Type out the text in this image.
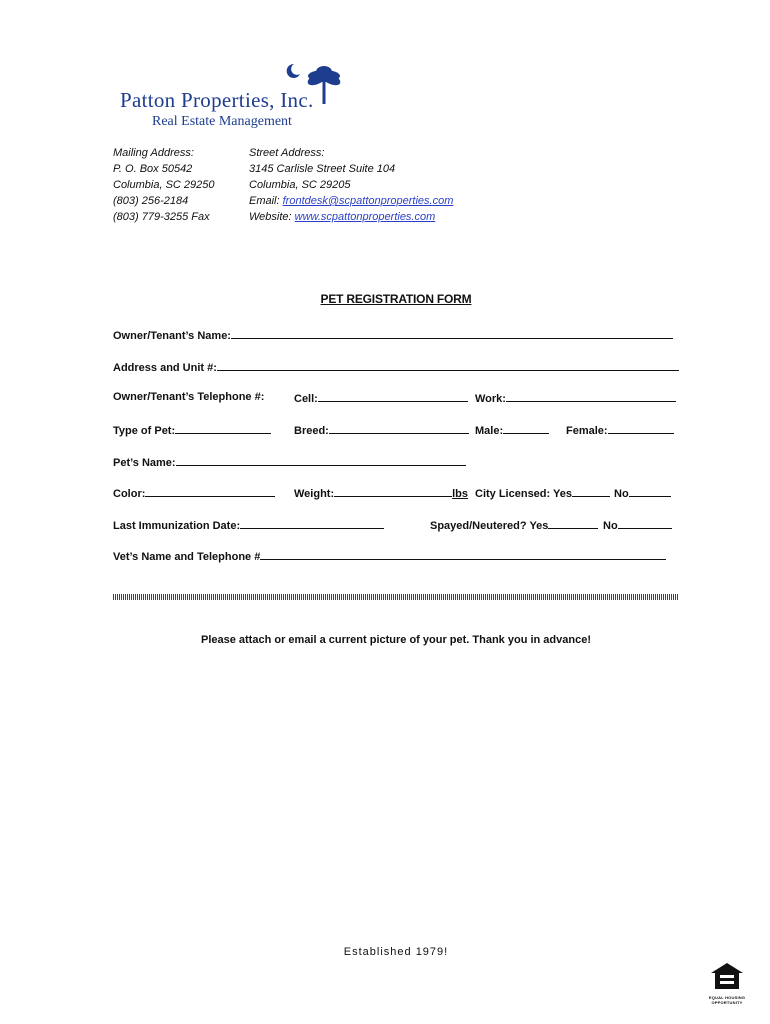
Patton Properties, Inc.
Real Estate Management
Mailing Address:
P. O. Box 50542
Columbia, SC 29250
(803) 256-2184
(803) 779-3255 Fax
Street Address:
3145 Carlisle Street Suite 104
Columbia, SC 29205
Email: frontdesk@scpattonproperties.com
Website: www.scpattonproperties.com
PET REGISTRATION FORM
Owner/Tenant’s Name:
Address and Unit #:
Owner/Tenant’s Telephone #:	Cell:	Work:
Type of Pet:	Breed:	Male:	Female:
Pet’s Name:
Color:	Weight:	lbs City Licensed: Yes	No
Last Immunization Date:	Spayed/Neutered? Yes	No
Vet’s Name and Telephone #
Please attach or email a current picture of your pet. Thank you in advance!
Established 1979!
EQUAL HOUSING
OPPORTUNITY
